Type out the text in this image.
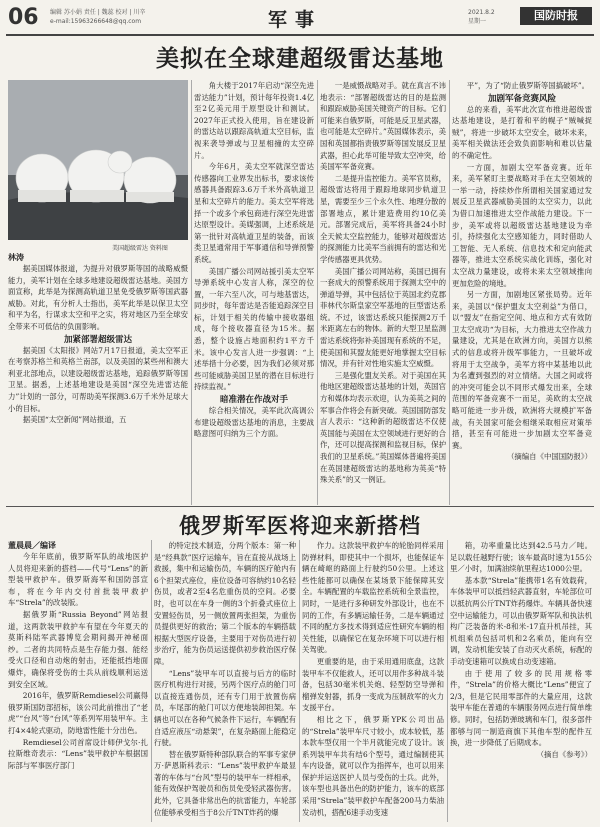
06 编辑 苏小娟 责任 | 魏蕊 校对 | 川辛
e-mail:15963266648@qq.com	军事	2021.8.2
星期一	国防时报
美拟在全球建超级雷达基地
美国超级雷达 资料图

林涛

据美国媒体报道，为提升对俄罗斯等国的战略威慑能力，美军计划在全球多地建设超级雷达基地。美国方面宣称，此举是为探测高轨道卫星免受俄罗斯等国武器威胁。对此，有分析人士指出，美军此举是以保卫太空和平为名，行谋求太空和平之实，将对地区乃至全球安全带来不可低估的负面影响。

加紧部署超级雷达

据美国《太阳报》网站7月17日报道，美太空军正在考察苏格兰和英格兰南部，以及美国的某些州和澳大利亚北部地点，以建设超级雷达基地，追踪俄罗斯等国卫星。据悉，上述基地建设是美国“深空先进雷达能力”计划的一部分，可帮助美军探测3.6万千米外足球大小的目标。

据美国“太空新闻”网站报道，五

角大楼于2017年启动“深空先进雷达能力”计划，预计每年投资1.4亿至2亿美元用于原型设计和测试。2027年正式投入使用，旨在建设新的雷达站以跟踪高轨道太空目标，监视来袭导弹或与卫星相撞的太空碎片。

今年6月，美太空军就深空雷达传感器向工业界发出标书，要求该传感器具备跟踪3.6万千米外高轨道卫星和太空碎片的能力。美太空军将选择一个或多个承包商进行深空先进雷达原型设计。美媒强调，上述系统是第一批针对高轨道卫星的装备，而该类卫星通常用于军事通信和导弹预警系统。

美国广播公司网站援引美太空军导弹系统中心发言人称，深空的位置，一年六至八次，可与地基雷达，同步时，每年雷达是否能追踪深空目标，计划于相关的传输中接收器组成，每个接收器直径为15米。据悉，整个设施占地面积约1平方千米。该中心发言人进一步强调：“上述举措十分必要，因为我们必须对那些可能威胁美国卫星的潜在目标进行持续监视。”

暗准潜在作战对手

综合相关情况，美军此次高调公布建设超级雷达基地的消息，主要战略意图可归纳为三个方面。

一是威慑战略对手。就在真言不讳地表示：“部署超级雷达的目的是监测和跟踪威胁美国关键资产的目标。它们可能来自俄罗斯，可能是反卫星武器，也可能是太空碎片。”英国媒体表示，美国和英国都指责俄罗斯等国发展反卫星武器，担心此举可能导致太空冲突，给美国军军备竞赛。

二是提升监控能力。美军官员称，超级雷达将用于跟踪地球同步轨道卫星，需要至少三个永久性、地理分散的部署地点，累计建造费用约10亿美元。部署完成后，美军将具备24小时全天候太空监控能力，能够对超级雷达的探测能力比美军当前拥有的雷达和光学传感器更具优势。

美国广播公司网站称，美国已拥有一套成大的预警系统用于探测太空中的弹道导弹，其中包括位于英国北约克郡菲林代尔斯皇家空军基地的巨型雷达系统。不过，该雷达系统只能探测2万千米距离左右的物体。新的大型卫星监测雷达系统将弥补美国现有系统的不足，使美国和其盟友能更好地掌握太空目标情况，并有针对性地实施太空威慑。

三是强化盟友关系。对于美国在其他地区建超级雷达基地的计划，英国官方和媒体均表示欢迎，认为美英之间的军事合作将会有新突破。英国国防部发言人表示：“这种新的超级雷达不仅使英国能与美国在太空领域进行更好的合作，还可以提高探测和监视目标，保护我们的卫星系统。”英国媒体普遍将美国在英国建超级雷达的基地称为英美“特殊关系”的又一例证。

平”，为了“防止俄罗斯等国搞破坏”。

加剧军备竞赛风险

总的来看，美军此次宣布推进超级雷达基地建设，是打着和平的幌子“贼喊捉贼”，将进一步破坏太空安全，破坏未来，美军相关做法还会致负面影响和难以估量的不确定性。

一方面，加剧太空军备竞赛。近年来，美军紧盯主要战略对手在太空领域的一举一动，持续炒作所谓相关国家通过发展反卫星武器威胁美国的太空实力，以此为借口加速推进太空作战能力建设。下一步，美军或将以超级雷达基地建设为牵引，持续强化太空感知能力，同时借助人工智能、无人系统、信息技术和定向能武器等，推进太空系统实战化训练，强化对太空战力量建设，或将未来太空领域推向更加危险的境地。

另一方面，加剧地区紧张局势。近年来，美国以“保护盟友太空利益”为借口，以“盟友”在指定空间、地点和方式有效防卫太空成功“为目标，大力推进太空作战力量建设，尤其是在欧洲方向，美国方以熊式的信息或将升级军事能力，一旦破坏或将用于太空战争，美军方将中某基地以此为名遭到强烈的对立情绪。大国之间或将的冲突可能会以不同形式爆发出来，全球范围的军备竞赛不一而足，美欧的太空战略可能进一步升级，欧洲将大规模扩军备战，有关国家可能会相继采取相应对策举措，甚至有可能进一步加剧太空军备竞赛。

（摘编自《中国国防报》）

俄罗斯军医将迎来新搭档

董晨晨／编译

今年年底前，俄罗斯军队的战地医护人员将迎来新的搭档——代号“Lens”的新型装甲救护车。俄罗斯海军和国防部宣布，将在今年内交付首批装甲救护车“Strela”的改装版。

据俄罗斯“Russia Beyond”网站报道，这两款装甲救护车有望在今年夏天的莫斯科陆军武器博览会期间揭开神秘面纱。二者的共同特点是生存能力强、能经受火口径和自动炮的射击，还能抵挡地面爆炸，确保将受伤的士兵从前线顺利运送到安全区域。

2016年，俄罗斯Remdiesel公司赢得俄罗斯国防部招标，该公司此前推出了“老虎”“台风”等“台风”等系列军用装甲车。主打4×4轮式驱动，防地雷性能十分出色。

Remdiesel公司首席设计师伊戈尔·扎拉斯维奇表示：“Lens”装甲救护车根据国际部与军事医疗部门

的特定技术制造，分两个版本：第一种是“经典款”医疗运输车，旨在直接从战场上救援，集中和运输伤员，车辆的医疗舱内有6个担架式座位，座位设备可容纳约10名轻伤员，或者2至4名危重伤员的空间。必要时，也可以在车身一侧的3个折叠式座位上安置轻伤员，另一侧放置两张担架，为重伤员提供更好的救治；第二个版本的车辆搭载根据大型医疗设备，主要用于对伤员进行初步治疗，能为伤员运送提供初步救治医疗保障。

“Lens”装甲车可以直接与后方的临时医疗机构进行对接，另两个医疗点的舱门可以直接连通伤员，还有专门用于放置伤病员，车尾部的舱门可以方便地装卸担架。车辆也可以在各种气候条件下运行，车辆配有自适应液压“动悬架”，在复杂路面上能稳定行驶。

替在俄罗斯特种部队联合的军事专家伊万·萨恩斯科表示：“Lens”装甲救护车最显著的车体与“台风”型号的装甲车一样相承，能有效保护驾驶员和伤员免受轻武器伤害。此外，它具备非常出色的抗雷能力，车轮部位能够承受相当于8公斤TNT炸药的爆

作力。这款装甲救护车的轮胎同样采用防弹材料，即使其中一个损坏，也能保证车辆在崎岖的路面上行驶约50公里。上述这些性能都可以确保在某场景下能保障其安全。车辆配置的车载监控系统和全景监控，同时，一是进行多种研发外部设计，也在不同的工作，有多辆运输任务，二是车辆通过不同的配方多技术得到适应性研究车辆的相关性能，以确保它在复杂环境下可以进行相关驾驶。

更重要的是，由于采用通用底盘，这款装甲车不仅能救人，还可以用作多种战斗装备，包括30毫米机关炮、轻型防空导弹和榴弹发射器，抓身一变成为压制敌军的火力支援平台。

相比之下，俄罗斯YPK公司出品的“Strela”装甲车尺寸较小，成本较低，基本款车型仅用一个半月就能完成了设计。该系列装甲车共有结6个型号，通过编制使其车内设备，就可以作为指挥车，也可以用来保护并运送医护人员与受伤的士兵。此外，该车型也具备出色的防护能力，该车的底部采用“Strela”装甲救护车配备200马力柴油发动机，搭配6速手动变速

箱，功率重量比达到42.5马力／吨。足以载任越野行驶；该车最高时速为155公里／小时，加满油续航里程达1000公里。

基本款“Strela”能携带1名有效载荷，车体装甲可以抵挡轻武器直射，车轮部位可以抵抗两公斤TNT炸药爆炸。车辆具备快速空中运输能力，可以由俄罗斯军队和执法机构广泛装备的米-8和米-17直升机吊挂，其机组乘员包括司机和2名乘员，能向有空调，发动机能安装了自动灭火系统，标配的手动变速箱可以换成自动变速箱。

由于使用了较多的民用规格零件，“Strela”的价格大概比“Lens”便宜了2/3，但是它民用零部件的大量应用，这款装甲车能在普通的车辆服务网点进行简单维修。同时，包括防弹玻璃和车门，很多部件都够与同一制造商旗下其他车型的配件互换，进一步降低了后期成本。

（摘自《参考》）
